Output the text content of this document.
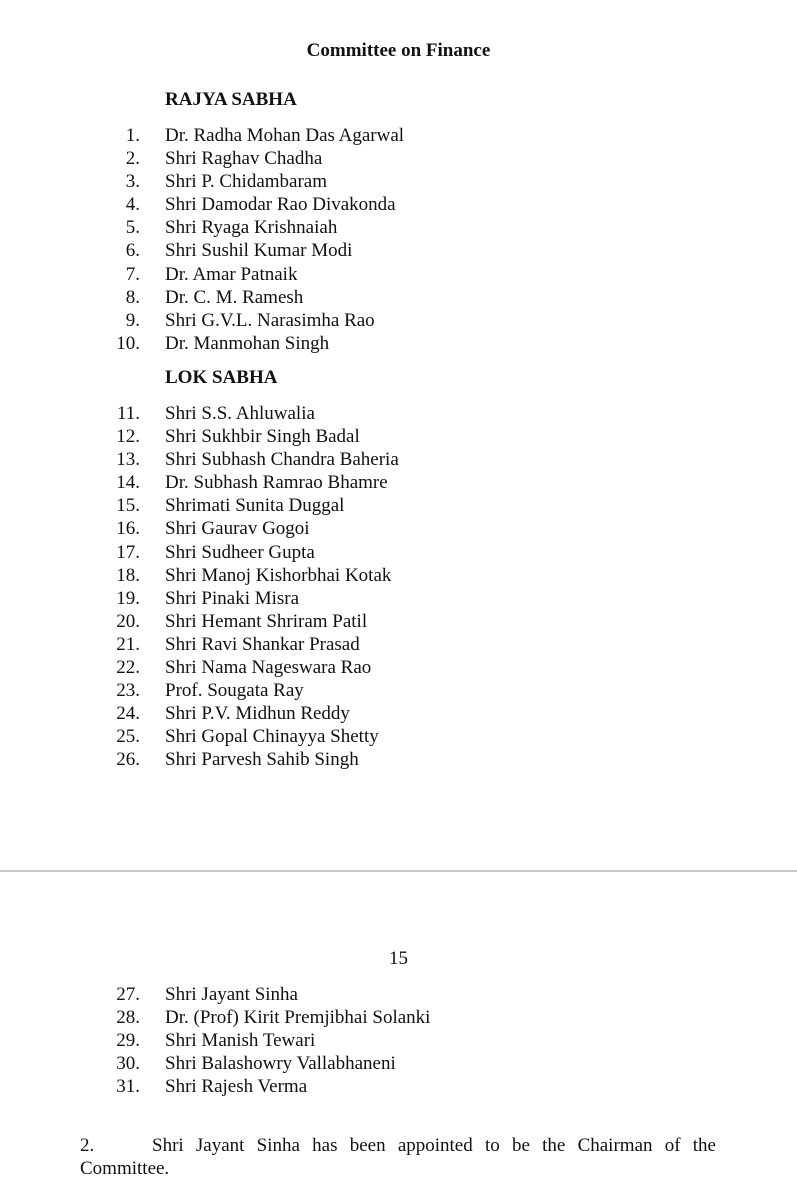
Committee on Finance
RAJYA SABHA
1. Dr. Radha Mohan Das Agarwal
2. Shri Raghav Chadha
3. Shri P. Chidambaram
4. Shri Damodar Rao Divakonda
5. Shri Ryaga Krishnaiah
6. Shri Sushil Kumar Modi
7. Dr. Amar Patnaik
8. Dr. C. M. Ramesh
9. Shri G.V.L. Narasimha Rao
10. Dr. Manmohan Singh
LOK SABHA
11. Shri S.S. Ahluwalia
12. Shri Sukhbir Singh Badal
13. Shri Subhash Chandra Baheria
14. Dr. Subhash Ramrao Bhamre
15. Shrimati Sunita Duggal
16. Shri Gaurav Gogoi
17. Shri Sudheer Gupta
18. Shri Manoj Kishorbhai Kotak
19. Shri Pinaki Misra
20. Shri Hemant Shriram Patil
21. Shri Ravi Shankar Prasad
22. Shri Nama Nageswara Rao
23. Prof. Sougata Ray
24. Shri P.V. Midhun Reddy
25. Shri Gopal Chinayya Shetty
26. Shri Parvesh Sahib Singh
15
27. Shri Jayant Sinha
28. Dr. (Prof) Kirit Premjibhai Solanki
29. Shri Manish Tewari
30. Shri Balashowry Vallabhaneni
31. Shri Rajesh Verma
2.	Shri Jayant Sinha has been appointed to be the Chairman of the Committee.
